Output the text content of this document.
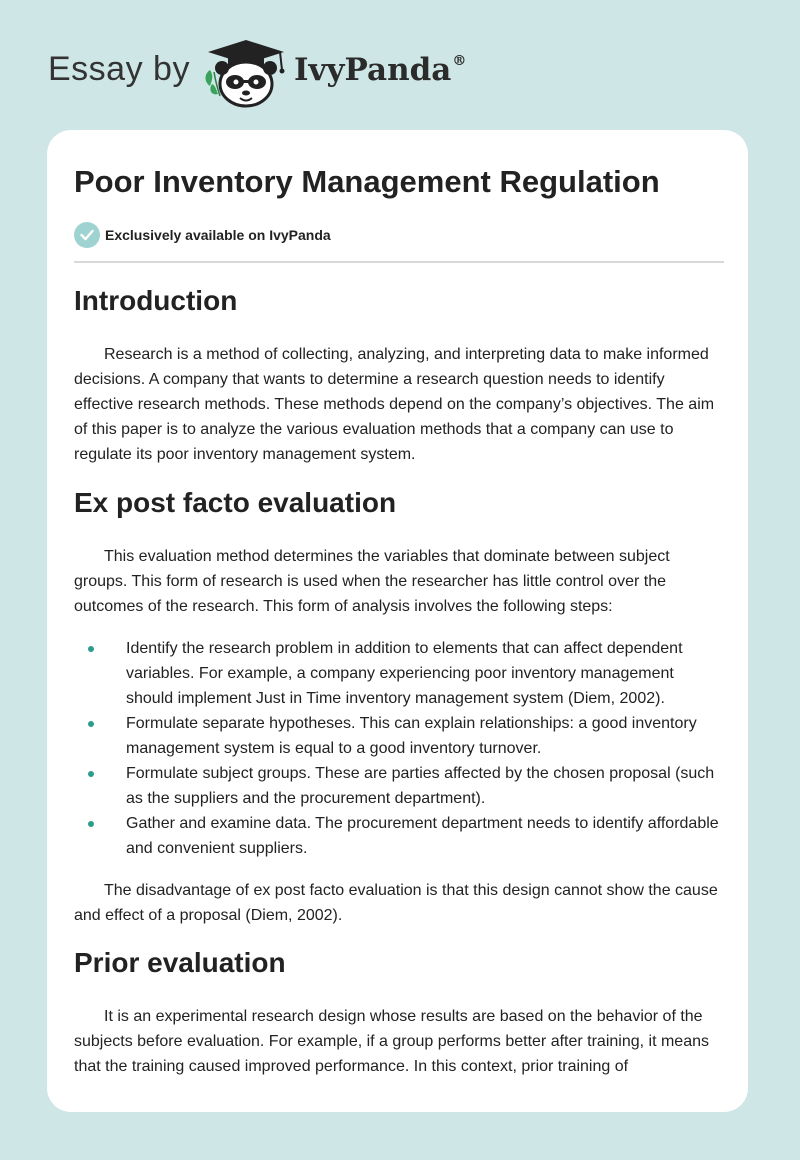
Essay by	IvyPanda®
Poor Inventory Management Regulation
Exclusively available on IvyPanda
Introduction

Research is a method of collecting, analyzing, and interpreting data to make informed decisions. A company that wants to determine a research question needs to identify effective research methods. These methods depend on the company’s objectives. The aim of this paper is to analyze the various evaluation methods that a company can use to regulate its poor inventory management system.

Ex post facto evaluation

This evaluation method determines the variables that dominate between subject groups. This form of research is used when the researcher has little control over the outcomes of the research. This form of analysis involves the following steps:

Identify the research problem in addition to elements that can affect dependent variables. For example, a company experiencing poor inventory management should implement Just in Time inventory management system (Diem, 2002).
Formulate separate hypotheses. This can explain relationships: a good inventory management system is equal to a good inventory turnover.
Formulate subject groups. These are parties affected by the chosen proposal (such as the suppliers and the procurement department).
Gather and examine data. The procurement department needs to identify affordable and convenient suppliers.

The disadvantage of ex post facto evaluation is that this design cannot show the cause and effect of a proposal (Diem, 2002).

Prior evaluation

It is an experimental research design whose results are based on the behavior of the subjects before evaluation. For example, if a group performs better after training, it means that the training caused improved performance. In this context, prior training of
